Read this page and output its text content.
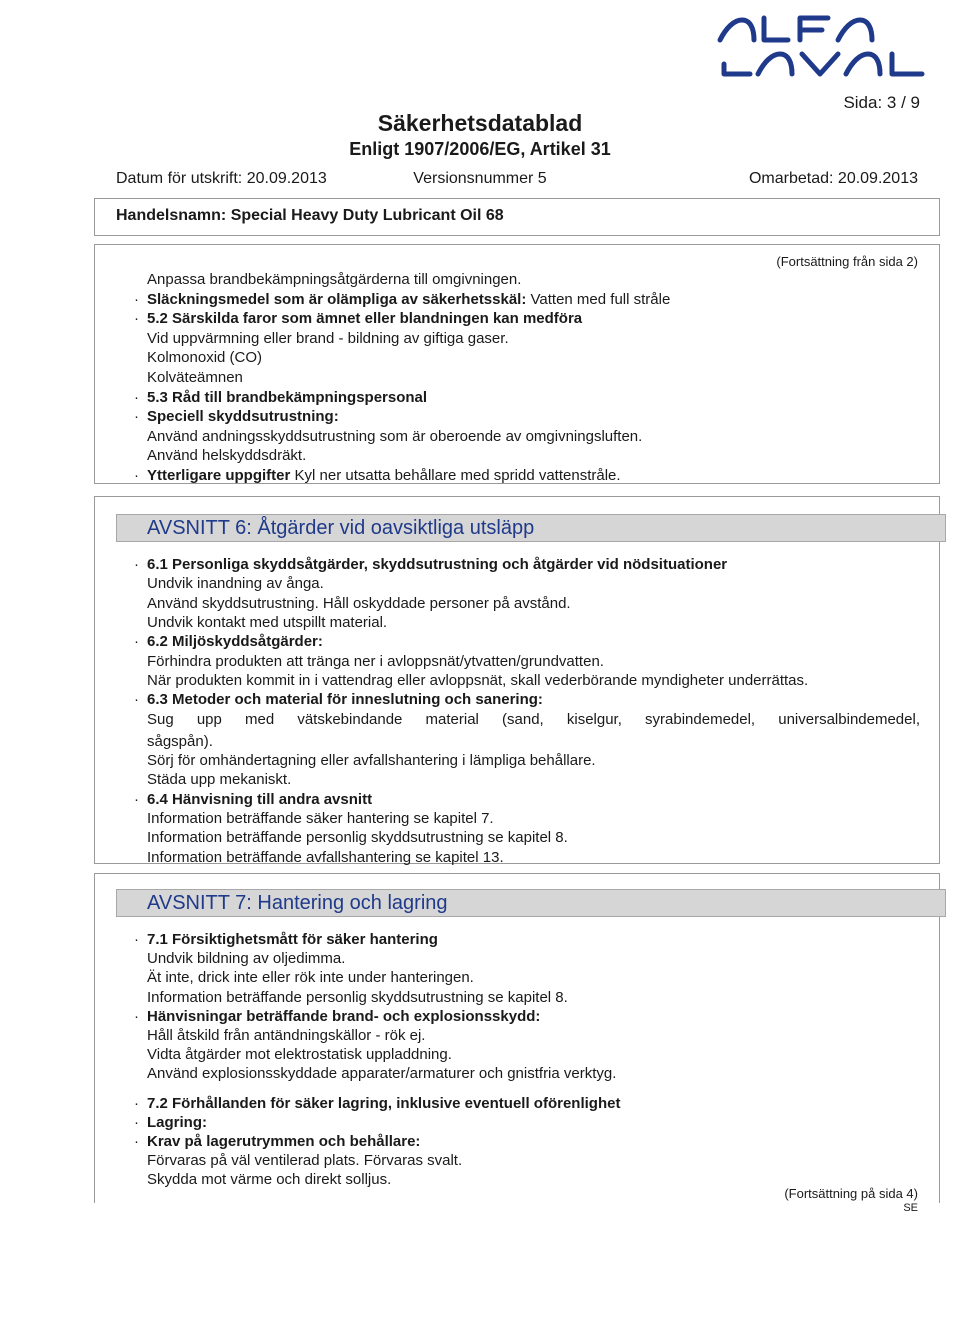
Sida: 3 / 9
Säkerhetsdatablad
Enligt 1907/2006/EG, Artikel 31
Datum för utskrift: 20.09.2013	Versionsnummer 5	Omarbetad: 20.09.2013
Handelsnamn: Special Heavy Duty Lubricant Oil 68
(Fortsättning från sida 2)
Anpassa brandbekämpningsåtgärderna till omgivningen.
· Släckningsmedel som är olämpliga av säkerhetsskäl: Vatten med full stråle
· 5.2 Särskilda faror som ämnet eller blandningen kan medföra
Vid uppvärmning eller brand - bildning av giftiga gaser.
Kolmonoxid (CO)
Kolväteämnen
· 5.3 Råd till brandbekämpningspersonal
· Speciell skyddsutrustning:
Använd andningsskyddsutrustning som är oberoende av omgivningsluften.
Använd helskyddsdräkt.
· Ytterligare uppgifter Kyl ner utsatta behållare med spridd vattenstråle.
AVSNITT 6: Åtgärder vid oavsiktliga utsläpp
· 6.1 Personliga skyddsåtgärder, skyddsutrustning och åtgärder vid nödsituationer
Undvik inandning av ånga.
Använd skyddsutrustning. Håll oskyddade personer på avstånd.
Undvik kontakt med utspillt material.
· 6.2 Miljöskyddsåtgärder:
Förhindra produkten att tränga ner i avloppsnät/ytvatten/grundvatten.
När produkten kommit in i vattendrag eller avloppsnät, skall vederbörande myndigheter underrättas.
· 6.3 Metoder och material för inneslutning och sanering:
Sug upp med vätskebindande material (sand, kiselgur, syrabindemedel, universalbindemedel,
sågspån).
Sörj för omhändertagning eller avfallshantering i lämpliga behållare.
Städa upp mekaniskt.
· 6.4 Hänvisning till andra avsnitt
Information beträffande säker hantering se kapitel 7.
Information beträffande personlig skyddsutrustning se kapitel 8.
Information beträffande avfallshantering se kapitel 13.
AVSNITT 7: Hantering och lagring
· 7.1 Försiktighetsmått för säker hantering
Undvik bildning av oljedimma.
Ät inte, drick inte eller rök inte under hanteringen.
Information beträffande personlig skyddsutrustning se kapitel 8.
· Hänvisningar beträffande brand- och explosionsskydd:
Håll åtskild från antändningskällor - rök ej.
Vidta åtgärder mot elektrostatisk uppladdning.
Använd explosionsskyddade apparater/armaturer och gnistfria verktyg.
· 7.2 Förhållanden för säker lagring, inklusive eventuell oförenlighet
· Lagring:
· Krav på lagerutrymmen och behållare:
Förvaras på väl ventilerad plats. Förvaras svalt.
Skydda mot värme och direkt solljus.
(Fortsättning på sida 4)
SE
